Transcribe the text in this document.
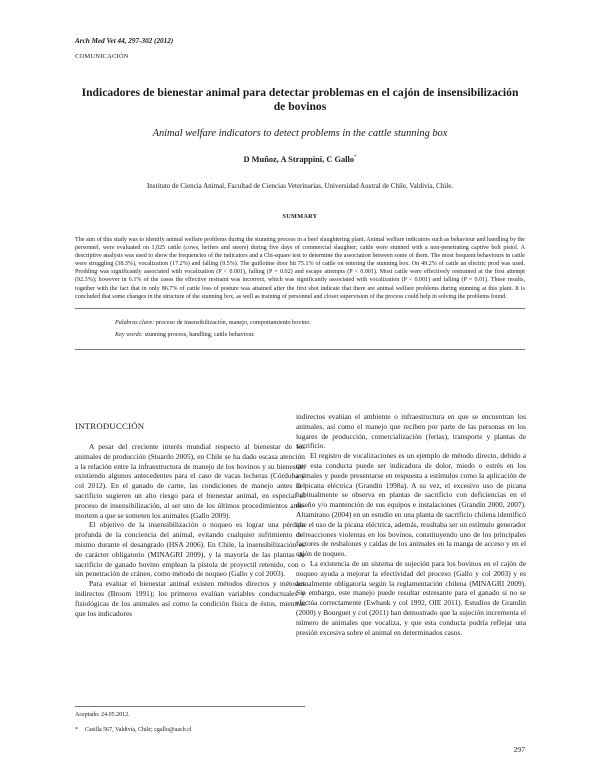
Arch Med Vet 44, 297-302 (2012)
COMUNICACIÓN
Indicadores de bienestar animal para detectar problemas en el cajón de insensibilización de bovinos
Animal welfare indicators to detect problems in the cattle stunning box
D Muñoz, A Strappini, C Gallo*
Instituto de Ciencia Animal, Facultad de Ciencias Veterinarias, Universidad Austral de Chile, Valdivia, Chile.
SUMMARY
The aim of this study was to identify animal welfare problems during the stunning process in a beef slaughtering plant. Animal welfare indicators such as behaviour and handling by the personnel, were evaluated on 1,025 cattle (cows, heifers and steers) during five days of commercial slaughter; cattle were stunned with a non-penetrating captive bolt pistol. A descriptive analysis was used to show the frequencies of the indicators and a Chi-square test to determine the association between some of them. The most frequent behaviours in cattle were struggling (38.3%), vocalization (17.2%) and falling (9.5%). The guillotine door hit 75.1% of cattle on entering the stunning box. On 49.2% of cattle an electric prod was used. Prodding was significantly associated with vocalization (P < 0.001), falling (P = 0.02) and escape attempts (P < 0.001). Most cattle were effectively restrained at the first attempt (92.3%); however in 6.1% of the cases the effective restraint was incorrect, which was significantly associated with vocalization (P < 0.001) and falling (P = 0.01). These results, together with the fact that in only 86.7% of cattle loss of posture was attained after the first shot indicate that there are animal welfare problems during stunning at this plant. It is concluded that some changes in the structure of the stunning box, as well as training of personnel and closer supervision of the process could help in solving the problems found.
Palabras clave: proceso de insensibilización, manejo, comportamiento bovino.
Key words: stunning process, handling, cattle behaviour.
INTRODUCCIÓN

A pesar del creciente interés mundial respecto al bienestar de los animales de producción (Stuardo 2005), en Chile se ha dado escasa atención a la relación entre la infraestructura de manejo de los bovinos y su bienestar, existiendo algunos antecedentes para el caso de vacas lecheras (Córdoba y col 2012). En el ganado de carne, las condiciones de manejo antes del sacrificio sugieren un alto riesgo para el bienestar animal, en especial el proceso de insensibilización, al ser uno de los últimos procedimientos ante-mortem a que se someten los animales (Gallo 2009).

El objetivo de la insensibilización o noqueo es lograr una pérdida profunda de la conciencia del animal, evitando cualquier sufrimiento del mismo durante el desangrado (HSA 2006). En Chile, la insensibilización es de carácter obligatorio (MINAGRI 2009), y la mayoría de las plantas de sacrificio de ganado bovino emplean la pistola de proyectil retenido, con o sin penetración de cráneo, como método de noqueo (Gallo y col 2003).

Para evaluar el bienestar animal existen métodos directos y métodos indirectos (Broom 1991); los primeros evalúan variables conductuales y fisiológicas de los animales así como la condición física de éstos, mientras que los indicadores

indirectos evalúan el ambiente o infraestructura en que se encuentran los animales, así como el manejo que reciben por parte de las personas en los lugares de producción, comercialización (ferias), transporte y plantas de sacrificio.

El registro de vocalizaciones es un ejemplo de método directo, debido a que esta conducta puede ser indicadora de dolor, miedo o estrés en los animales y puede presentarse en respuesta a estímulos como la aplicación de la picana eléctrica (Grandin 1998a). A su vez, el excesivo uso de picana habitualmente se observa en plantas de sacrificio con deficiencias en el diseño y/o mantención de sus equipos e instalaciones (Grandin 2000, 2007). Altamirano (2004) en un estudio en una planta de sacrificio chilena identificó que el uso de la picana eléctrica, además, resultaba ser un estímulo generador de reacciones violentas en los bovinos, constituyendo uno de los principales factores de resbalones y caídas de los animales en la manga de acceso y en el cajón de noqueo.

La existencia de un sistema de sujeción para los bovinos en el cajón de noqueo ayuda a mejorar la efectividad del proceso (Gallo y col 2003) y es actualmente obligatoria según la reglamentación chilena (MINAGRI 2009). Sin embargo, este manejo puede resultar estresante para el ganado si no se efectúa correctamente (Ewbank y col 1992, OIE 2011). Estudios de Grandin (2000) y Bourguet y col (2011) han demostrado que la sujeción incrementa el número de animales que vocaliza, y que esta conducta podría reflejar una presión excesiva sobre el animal en determinados casos.

Aceptado: 24.05.2012.
* Casilla 567, Valdivia, Chile; cgallo@uach.cl
297
